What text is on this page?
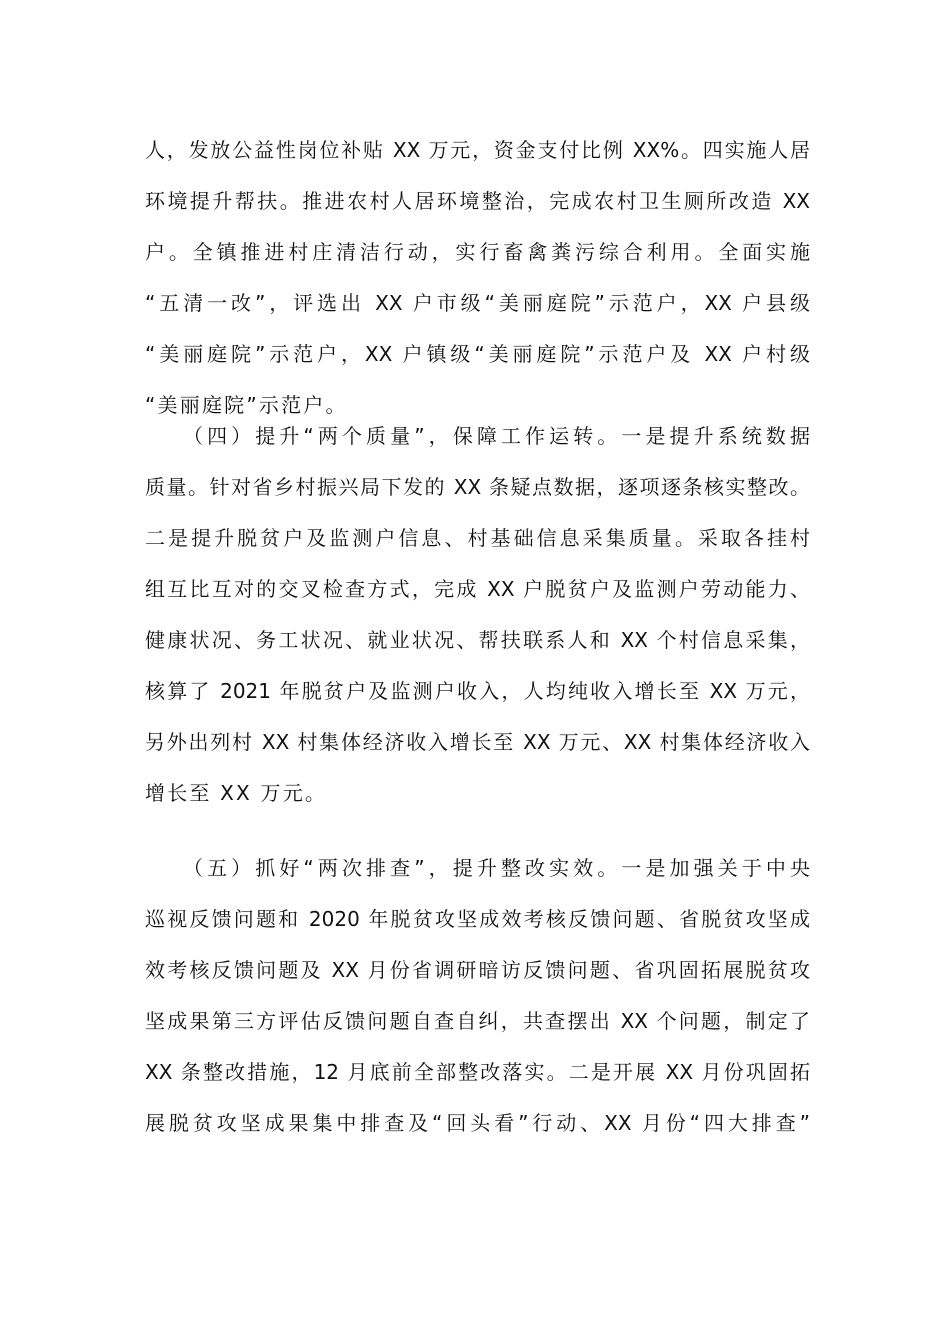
人，发放公益性岗位补贴 XX 万元，资金支付比例 XX%。四实施人居
环境提升帮扶。推进农村人居环境整治，完成农村卫生厕所改造 XX
户。全镇推进村庄清洁行动，实行畜禽粪污综合利用。全面实施
“五清一改”，评选出 XX 户市级“美丽庭院”示范户，XX 户县级
“美丽庭院”示范户，XX 户镇级“美丽庭院”示范户及 XX 户村级
“美丽庭院”示范户。
（四）提升“两个质量”，保障工作运转。一是提升系统数据
质量。针对省乡村振兴局下发的 XX 条疑点数据，逐项逐条核实整改。
二是提升脱贫户及监测户信息、村基础信息采集质量。采取各挂村
组互比互对的交叉检查方式，完成 XX 户脱贫户及监测户劳动能力、
健康状况、务工状况、就业状况、帮扶联系人和 XX 个村信息采集，
核算了 2021 年脱贫户及监测户收入，人均纯收入增长至 XX 万元，
另外出列村 XX 村集体经济收入增长至 XX 万元、XX 村集体经济收入
增长至 XX 万元。
（五）抓好“两次排查”，提升整改实效。一是加强关于中央
巡视反馈问题和 2020 年脱贫攻坚成效考核反馈问题、省脱贫攻坚成
效考核反馈问题及 XX 月份省调研暗访反馈问题、省巩固拓展脱贫攻
坚成果第三方评估反馈问题自查自纠，共查摆出 XX 个问题，制定了
XX 条整改措施，12 月底前全部整改落实。二是开展 XX 月份巩固拓
展脱贫攻坚成果集中排查及“回头看”行动、XX 月份“四大排查”
